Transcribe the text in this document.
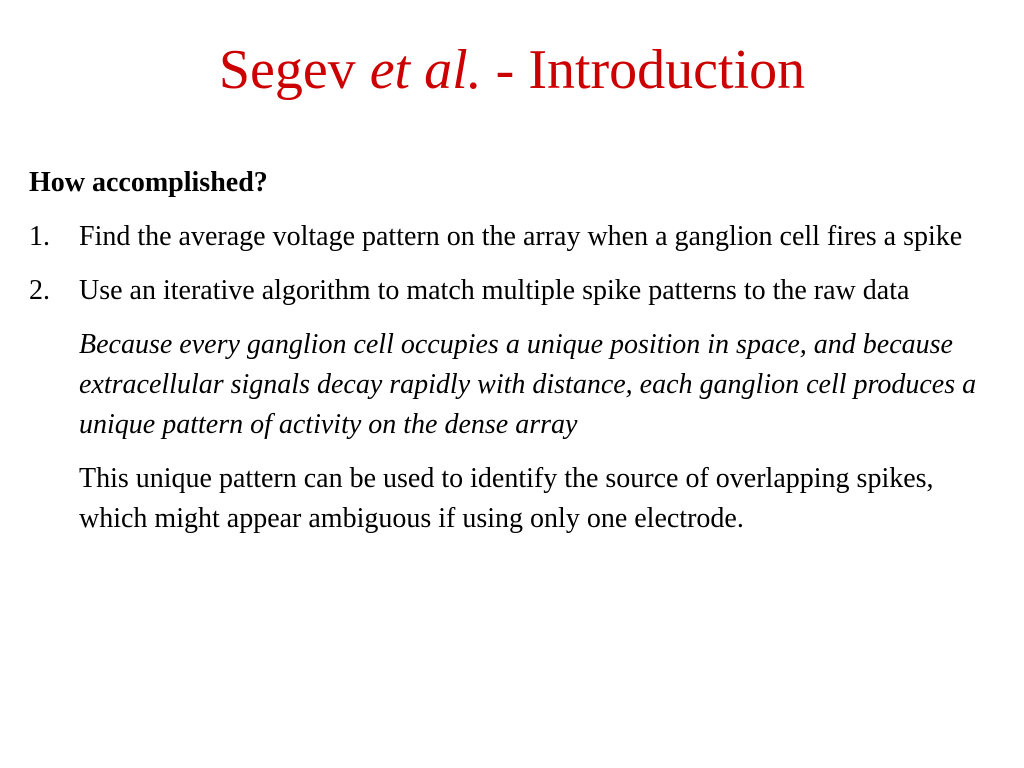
Segev et al. - Introduction
How accomplished?
1.	Find the average voltage pattern on the array when a ganglion cell fires a spike
2.	Use an iterative algorithm to match multiple spike patterns to the raw data
Because every ganglion cell occupies a unique position in space, and because extracellular signals decay rapidly with distance, each ganglion cell produces a unique pattern of activity on the dense array
This unique pattern can be used to identify the source of overlapping spikes, which might appear ambiguous if using only one electrode.
